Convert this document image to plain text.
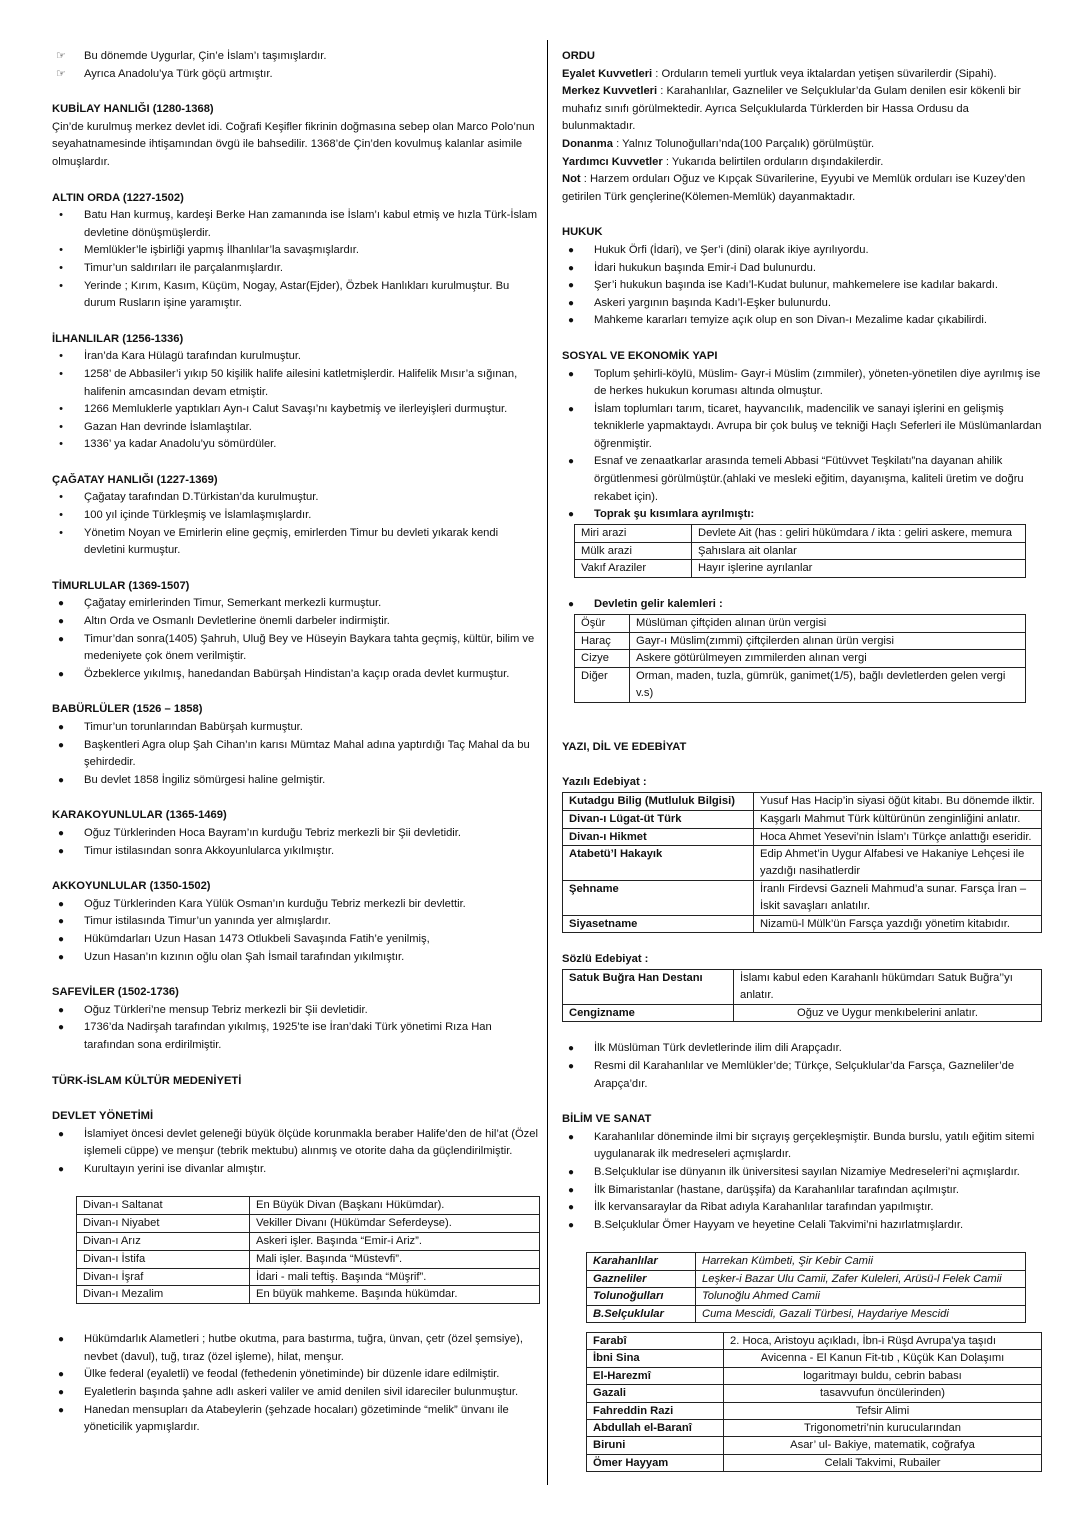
☞ Bu dönemde Uygurlar, Çin’e İslam’ı taşımışlardır.
☞ Ayrıca Anadolu’ya Türk göçü artmıştır.
KUBİLAY HANLIĞI (1280-1368)

Çin’de kurulmuş merkez devlet idi. Coğrafi Keşifler fikrinin doğmasına sebep olan Marco Polo’nun seyahatnamesinde ihtişamından övgü ile bahsedilir. 1368’de Çin’den kovulmuş kalanlar asimile olmuşlardır.

ALTIN ORDA (1227-1502)
•	Batu Han kurmuş, kardeşi Berke Han zamanında ise İslam’ı kabul etmiş ve hızla Türk-İslam devletine dönüşmüşlerdir.
•	Memlükler’le işbirliği yapmış İlhanlılar’la savaşmışlardır.
•	Timur’un saldırıları ile parçalanmışlardır.
•	Yerinde ; Kırım, Kasım, Küçüm, Nogay, Astar(Ejder), Özbek Hanlıkları kurulmuştur. Bu durum Rusların işine yaramıştır.
İLHANLILAR (1256-1336)
•	İran’da Kara Hülagü tarafından kurulmuştur.
•	1258’ de Abbasiler’i yıkıp 50 kişilik halife ailesini katletmişlerdir. Halifelik Mısır’a sığınan, halifenin amcasından devam etmiştir.
•	1266 Memluklerle yaptıkları Ayn-ı Calut Savaşı’nı kaybetmiş ve ilerleyişleri durmuştur.
•	Gazan Han devrinde İslamlaştılar.
•	1336’ ya kadar Anadolu’yu sömürdüler.
ÇAĞATAY HANLIĞI (1227-1369)
•	Çağatay tarafından D.Türkistan’da kurulmuştur.
•	100 yıl içinde Türkleşmiş ve İslamlaşmışlardır.
•	Yönetim Noyan ve Emirlerin eline geçmiş, emirlerden Timur bu devleti yıkarak kendi devletini kurmuştur.
TİMURLULAR (1369-1507)
●	Çağatay emirlerinden Timur, Semerkant merkezli kurmuştur.
●	Altın Orda ve Osmanlı Devletlerine önemli darbeler indirmiştir.
●	Timur’dan sonra(1405) Şahruh, Uluğ Bey ve Hüseyin Baykara tahta geçmiş, kültür, bilim ve medeniyete çok önem verilmiştir.
●	Özbeklerce yıkılmış, hanedandan Babürşah Hindistan’a kaçıp orada devlet kurmuştur.
BABÜRLÜLER (1526 – 1858)
●	Timur’un torunlarından Babürşah kurmuştur.
●	Başkentleri Agra olup Şah Cihan’ın karısı Mümtaz Mahal adına yaptırdığı Taç Mahal da bu şehirdedir.
●	Bu devlet 1858 İngiliz sömürgesi haline gelmiştir.
KARAKOYUNLULAR (1365-1469)
●	Oğuz Türklerinden Hoca Bayram’ın kurduğu Tebriz merkezli bir Şii devletidir.
●	Timur istilasından sonra Akkoyunlularca yıkılmıştır.
AKKOYUNLULAR (1350-1502)
●	Oğuz Türklerinden Kara Yülük Osman’ın kurduğu Tebriz merkezli bir devlettir.
●	Timur istilasında Timur’un yanında yer almışlardır.
●	Hükümdarları Uzun Hasan 1473 Otlukbeli Savaşında Fatih’e yenilmiş,
●	Uzun Hasan’ın kızının oğlu olan Şah İsmail tarafından yıkılmıştır.
SAFEVİLER (1502-1736)
●	Oğuz Türkleri’ne mensup Tebriz merkezli bir Şii devletidir.
●	1736’da Nadirşah tarafından yıkılmış, 1925’te ise İran’daki Türk yönetimi Rıza Han tarafından sona erdirilmiştir.
TÜRK-İSLAM KÜLTÜR MEDENİYETİ
DEVLET YÖNETİMİ
●	İslamiyet öncesi devlet geleneği büyük ölçüde korunmakla beraber Halife’den de hil’at (Özel işlemeli cüppe) ve menşur (tebrik mektubu) alınmış ve otorite daha da güçlendirilmiştir.
●	Kurultayın yerini ise divanlar almıştır.
Divan-ı Saltanat	En Büyük Divan (Başkanı Hükümdar).
Divan-ı Niyabet	Vekiller Divanı (Hükümdar Seferdeyse).
Divan-ı Arız	Askeri işler. Başında “Emir-i Ariz”.
Divan-ı İstifa	Mali işler. Başında “Müstevfi”.
Divan-ı İşraf	İdari - mali teftiş. Başında “Müşrif”.
Divan-ı Mezalim	En büyük mahkeme. Başında hükümdar.
●	Hükümdarlık Alametleri ; hutbe okutma, para bastırma, tuğra, ünvan, çetr (özel şemsiye), nevbet (davul), tuğ, tıraz (özel işleme), hilat, menşur.
●	Ülke federal (eyaletli) ve feodal (fethedenin yönetiminde) bir düzenle idare edilmiştir.
●	Eyaletlerin başında şahne adlı askeri valiler ve amid denilen sivil idareciler bulunmuştur.
●	Hanedan mensupları da Atabeylerin (şehzade hocaları) gözetiminde “melik” ünvanı ile yöneticilik yapmışlardır.
ORDU

Eyalet Kuvvetleri : Orduların temeli yurtluk veya iktalardan yetişen süvarilerdir (Sipahi).

Merkez Kuvvetleri : Karahanlılar, Gazneliler ve Selçuklular’da Gulam denilen esir kökenli bir muhafız sınıfı görülmektedir. Ayrıca Selçuklularda Türklerden bir Hassa Ordusu da bulunmaktadır.

Donanma : Yalnız Tolunoğulları’nda(100 Parçalık) görülmüştür.

Yardımcı Kuvvetler : Yukarıda belirtilen orduların dışındakilerdir.

Not : Harzem orduları Oğuz ve Kıpçak Süvarilerine, Eyyubi ve Memlük orduları ise Kuzey’den getirilen Türk gençlerine(Kölemen-Memlük) dayanmaktadır.

HUKUK
●	Hukuk Örfi (İdari), ve Şer’i (dini) olarak ikiye ayrılıyordu.
●	İdari hukukun başında Emir-i Dad bulunurdu.
●	Şer’i hukukun başında ise Kadı’l-Kudat bulunur, mahkemelere ise kadılar bakardı.
●	Askeri yargının başında Kadı’l-Eşker bulunurdu.
●	Mahkeme kararları temyize açık olup en son Divan-ı Mezalime kadar çıkabilirdi.
SOSYAL VE EKONOMİK YAPI
●	Toplum şehirli-köylü, Müslim- Gayr-i Müslim (zımmiler), yöneten-yönetilen diye ayrılmış ise de herkes hukukun koruması altında olmuştur.
●	İslam toplumları tarım, ticaret, hayvancılık, madencilik ve sanayi işlerini en gelişmiş tekniklerle yapmaktaydı. Avrupa bir çok buluş ve tekniği Haçlı Seferleri ile Müslümanlardan öğrenmiştir.
●	Esnaf ve zenaatkarlar arasında temeli Abbasi “Fütüvvet Teşkilatı”na dayanan ahilik örgütlenmesi görülmüştür.(ahlaki ve mesleki eğitim, dayanışma, kaliteli üretim ve doğru rekabet için).
●	Toprak şu kısımlara ayrılmıştı:
Miri arazi	Devlete Ait (has : geliri hükümdara / ikta : geliri askere, memura
Mülk arazi	Şahıslara ait olanlar
Vakıf Araziler	Hayır işlerine ayrılanlar
●	Devletin gelir kalemleri :
Öşür	Müslüman çiftçiden alınan ürün vergisi
Haraç	Gayr-ı Müslim(zımmi) çiftçilerden alınan ürün vergisi
Cizye	Askere götürülmeyen zımmilerden alınan vergi
Diğer	Orman, maden, tuzla, gümrük, ganimet(1/5), bağlı devletlerden gelen vergi v.s)
YAZI, DİL VE EDEBİYAT
Yazılı Edebiyat :
Kutadgu Bilig (Mutluluk Bilgisi)	Yusuf Has Hacip’in siyasi öğüt kitabı. Bu dönemde ilktir.
Divan-ı Lügat-üt Türk	Kaşgarlı Mahmut Türk kültürünün zenginliğini anlatır.
Divan-ı Hikmet	Hoca Ahmet Yesevi’nin İslam’ı Türkçe anlattığı eseridir.
Atabetü’l Hakayık	Edip Ahmet’in Uygur Alfabesi ve Hakaniye Lehçesi ile yazdığı nasihatlerdir
Şehname	İranlı Firdevsi Gazneli Mahmud’a sunar. Farsça İran – İskit savaşları anlatılır.
Siyasetname	Nizamü-l Mülk’ün Farsça yazdığı yönetim kitabıdır.
Sözlü Edebiyat :
Satuk Buğra Han Destanı	İslamı kabul eden Karahanlı hükümdarı Satuk Buğra’’yı anlatır.
Cengizname	Oğuz ve Uygur menkıbelerini anlatır.
●	İlk Müslüman Türk devletlerinde ilim dili Arapçadır.
●	Resmi dil Karahanlılar ve Memlükler’de; Türkçe, Selçuklular’da Farsça, Gazneliler’de Arapça’dır.
BİLİM VE SANAT
●	Karahanlılar döneminde ilmi bir sıçrayış gerçekleşmiştir. Bunda burslu, yatılı eğitim sitemi uygulanarak ilk medreseleri açmışlardır.
●	B.Selçuklular ise dünyanın ilk üniversitesi sayılan Nizamiye Medreseleri’ni açmışlardır.
●	İlk Bimaristanlar (hastane, darüşşifa) da Karahanlılar tarafından açılmıştır.
●	İlk kervansaraylar da Ribat adıyla Karahanlılar tarafından yapılmıştır.
●	B.Selçuklular Ömer Hayyam ve heyetine Celali Takvimi’ni hazırlatmışlardır.
Karahanlılar	Harrekan Kümbeti, Şir Kebir Camii
Gazneliler	Leşker-i Bazar Ulu Camii, Zafer Kuleleri, Arüsü-l Felek Camii
Tolunoğulları	Tolunoğlu Ahmed Camii
B.Selçuklular	Cuma Mescidi, Gazali Türbesi, Haydariye Mescidi
Farabî	2. Hoca, Aristoyu açıkladı, İbn-i Rüşd Avrupa’ya taşıdı
İbni Sina	Avicenna - El Kanun Fit-tıb , Küçük Kan Dolaşımı
El-Harezmî	logaritmayı buldu, cebrin babası
Gazali	tasavvufun öncülerinden)
Fahreddin Razi	Tefsir Alimi
Abdullah el-Baranî	Trigonometri’nin kurucularından
Biruni	Asar’ ul- Bakiye, matematik, coğrafya
Ömer Hayyam	Celali Takvimi, Rubailer
